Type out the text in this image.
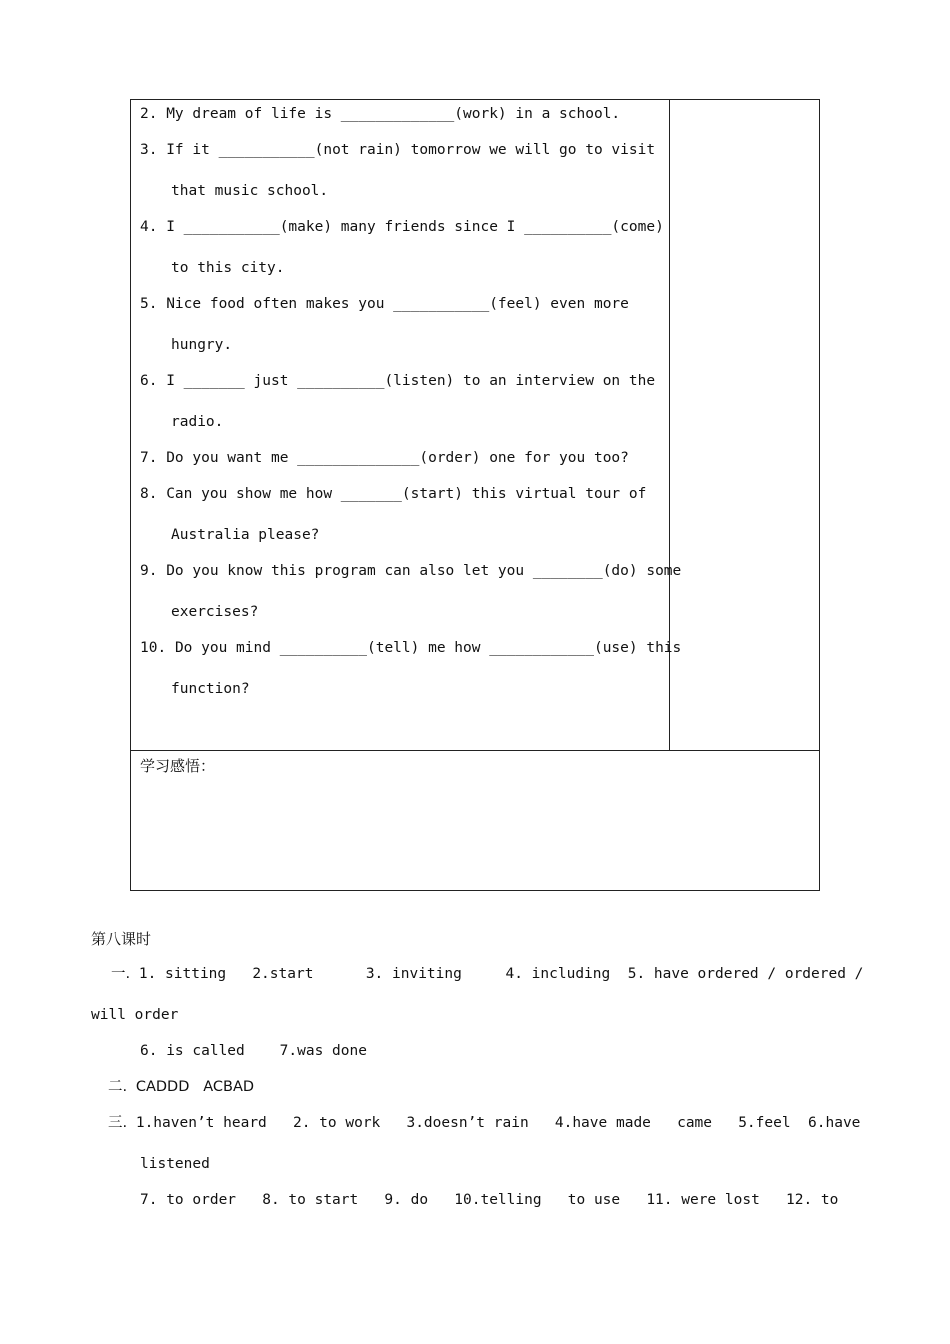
2. My dream of life is _____________(work) in a school.
3. If it ___________(not rain) tomorrow we will go to visit
that music school.
4. I ___________(make) many friends since I __________(come)
to this city.
5. Nice food often makes you ___________(feel) even more
hungry.
6. I _______ just __________(listen) to an interview on the
radio.
7. Do you want me ______________(order) one for you too?
8. Can you show me how _______(start) this virtual tour of
Australia please?
9. Do you know this program can also let you ________(do) some
exercises?
10. Do you mind __________(tell) me how ____________(use) this
function?
学习感悟：
第八课时
一. 1. sitting   2.start      3. inviting     4. including  5. have ordered / ordered /
will order
6. is called    7.was done
二. CADDD   ACBAD
三. 1.haven’t heard   2. to work   3.doesn’t rain   4.have made   came   5.feel  6.have
listened
7. to order   8. to start   9. do   10.telling   to use   11. were lost   12. to
